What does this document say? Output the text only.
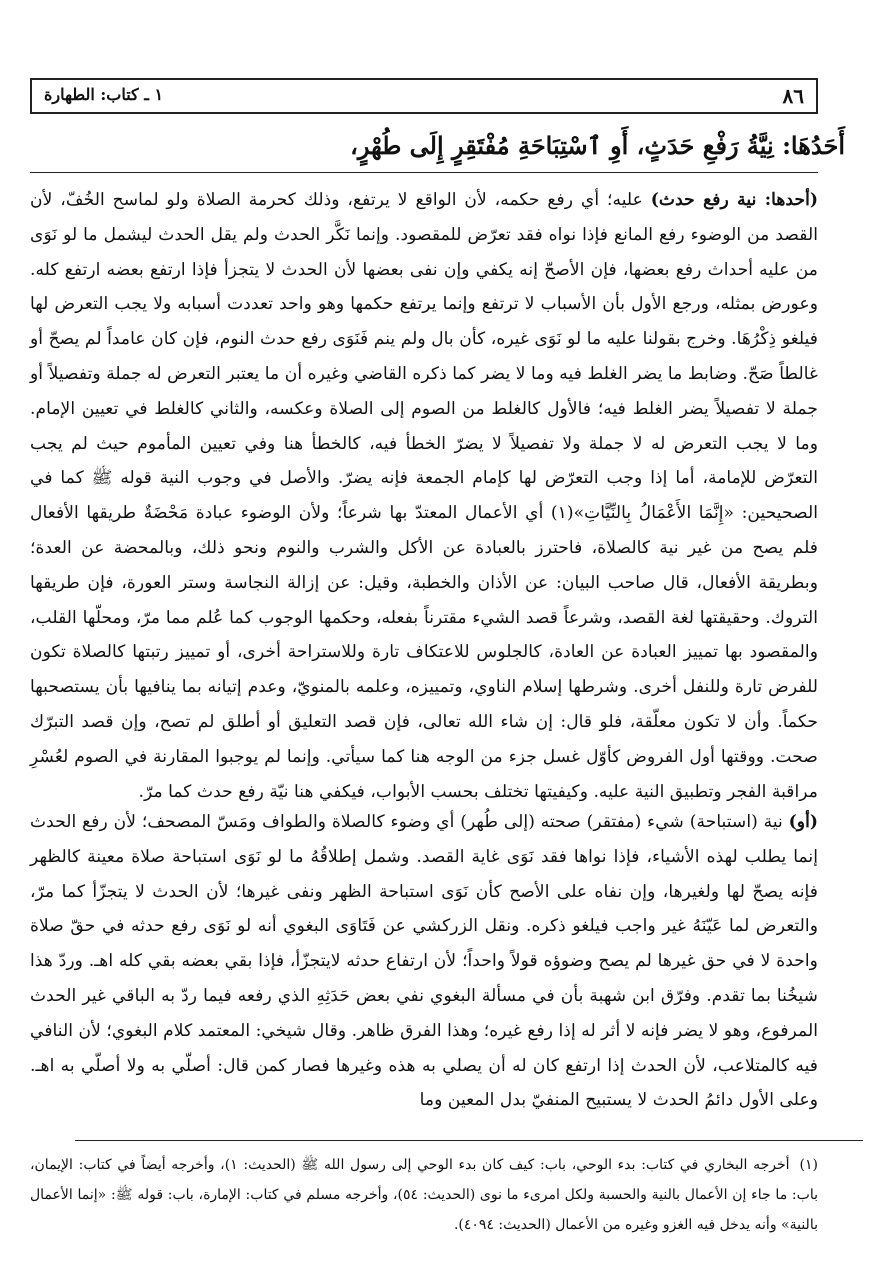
٨٦
١ ـ كتاب: الطهارة
أَحَدُهَا: نِيَّةُ رَفْعِ حَدَثٍ، أَوِ ٱسْتِبَاحَةِ مُفْتَقِرٍ إِلَى طُهْرٍ،
(أحدها: نية رفع حدث) عليه؛ أي رفع حكمه، لأن الواقع لا يرتفع، وذلك كحرمة الصلاة ولو لماسح الخُفّ، لأن القصد من الوضوء رفع المانع فإذا نواه فقد تعرّض للمقصود. وإنما نَكَّر الحدث ولم يقل الحدث ليشمل ما لو نَوَى من عليه أحداث رفع بعضها، فإن الأصحّ إنه يكفي وإن نفى بعضها لأن الحدث لا يتجزأ فإذا ارتفع بعضه ارتفع كله. وعورض بمثله، ورجع الأول بأن الأسباب لا ترتفع وإنما يرتفع حكمها وهو واحد تعددت أسبابه ولا يجب التعرض لها فيلغو ذِكْرُهَا. وخرج بقولنا عليه ما لو نَوَى غيره، كأن بال ولم ينم فَنَوَى رفع حدث النوم، فإن كان عامداً لم يصحّ أو غالطاً صَحّ. وضابط ما يضر الغلط فيه وما لا يضر كما ذكره القاضي وغيره أن ما يعتبر التعرض له جملة وتفصيلاً أو جملة لا تفصيلاً يضر الغلط فيه؛ فالأول كالغلط من الصوم إلى الصلاة وعكسه، والثاني كالغلط في تعيين الإمام. وما لا يجب التعرض له لا جملة ولا تفصيلاً لا يضرّ الخطأ فيه، كالخطأ هنا وفي تعيين المأموم حيث لم يجب التعرّض للإمامة، أما إذا وجب التعرّض لها كإمام الجمعة فإنه يضرّ. والأصل في وجوب النية قوله ﷺ كما في الصحيحين: «إِنَّمَا الأَعْمَالُ بِالنِّيَّاتِ»(١) أي الأعمال المعتدّ بها شرعاً؛ ولأن الوضوء عبادة مَحْضَةٌ طريقها الأفعال فلم يصح من غير نية كالصلاة، فاحترز بالعبادة عن الأكل والشرب والنوم ونحو ذلك، وبالمحضة عن العدة؛ وبطريقة الأفعال، قال صاحب البيان: عن الأذان والخطبة، وقيل: عن إزالة النجاسة وستر العورة، فإن طريقها التروك. وحقيقتها لغة القصد، وشرعاً قصد الشيء مقترناً بفعله، وحكمها الوجوب كما عُلم مما مرّ، ومحلّها القلب، والمقصود بها تمييز العبادة عن العادة، كالجلوس للاعتكاف تارة وللاستراحة أخرى، أو تمييز رتبتها كالصلاة تكون للفرض تارة وللنفل أخرى. وشرطها إسلام الناوي، وتمييزه، وعلمه بالمنويّ، وعدم إتيانه بما ينافيها بأن يستصحبها حكماً. وأن لا تكون معلّقة، فلو قال: إن شاء الله تعالى، فإن قصد التعليق أو أطلق لم تصح، وإن قصد التبرّك صحت. ووقتها أول الفروض كأوّل غسل جزء من الوجه هنا كما سيأتي. وإنما لم يوجبوا المقارنة في الصوم لعُسْرِ مراقبة الفجر وتطبيق النية عليه. وكيفيتها تختلف بحسب الأبواب، فيكفي هنا نيّة رفع حدث كما مرّ.
(أو) نية (استباحة) شيء (مفتقر) صحته (إلى طُهر) أي وضوء كالصلاة والطواف ومَسّ المصحف؛ لأن رفع الحدث إنما يطلب لهذه الأشياء، فإذا نواها فقد نَوَى غاية القصد. وشمل إطلاقُهُ ما لو نَوَى استباحة صلاة معينة كالظهر فإنه يصحّ لها ولغيرها، وإن نفاه على الأصح كأن نَوَى استباحة الظهر ونفى غيرها؛ لأن الحدث لا يتجزّأ كما مرّ، والتعرض لما عَيّنَهُ غير واجب فيلغو ذكره. ونقل الزركشي عن فَتَاوَى البغوي أنه لو نَوَى رفع حدثه في حقّ صلاة واحدة لا في حق غيرها لم يصح وضوؤه قولاً واحداً؛ لأن ارتفاع حدثه لايتجزّأ، فإذا بقي بعضه بقي كله اهـ. وردّ هذا شيخُنا بما تقدم. وفرّق ابن شهبة بأن في مسألة البغوي نفي بعض حَدَثِهِ الذي رفعه فيما ردّ به الباقي غير الحدث المرفوع، وهو لا يضر فإنه لا أثر له إذا رفع غيره؛ وهذا الفرق ظاهر. وقال شيخي: المعتمد كلام البغوي؛ لأن النافي فيه كالمتلاعب، لأن الحدث إذا ارتفع كان له أن يصلي به هذه وغيرها فصار كمن قال: أصلّي به ولا أصلّي به اهـ. وعلى الأول دائمُ الحدث لا يستبيح المنفيّ بدل المعين وما
(١)أخرجه البخاري في كتاب: بدء الوحي، باب: كيف كان بدء الوحي إلى رسول الله ﷺ (الحديث: ١)، وأخرجه أيضاً في كتاب: الإيمان، باب: ما جاء إن الأعمال بالنية والحسبة ولكل امرىء ما نوى (الحديث: ٥٤)، وأخرجه مسلم في كتاب: الإمارة، باب: قوله ﷺ: «إنما الأعمال بالنية» وأنه يدخل فيه الغزو وغيره من الأعمال (الحديث: ٤٠٩٤).
